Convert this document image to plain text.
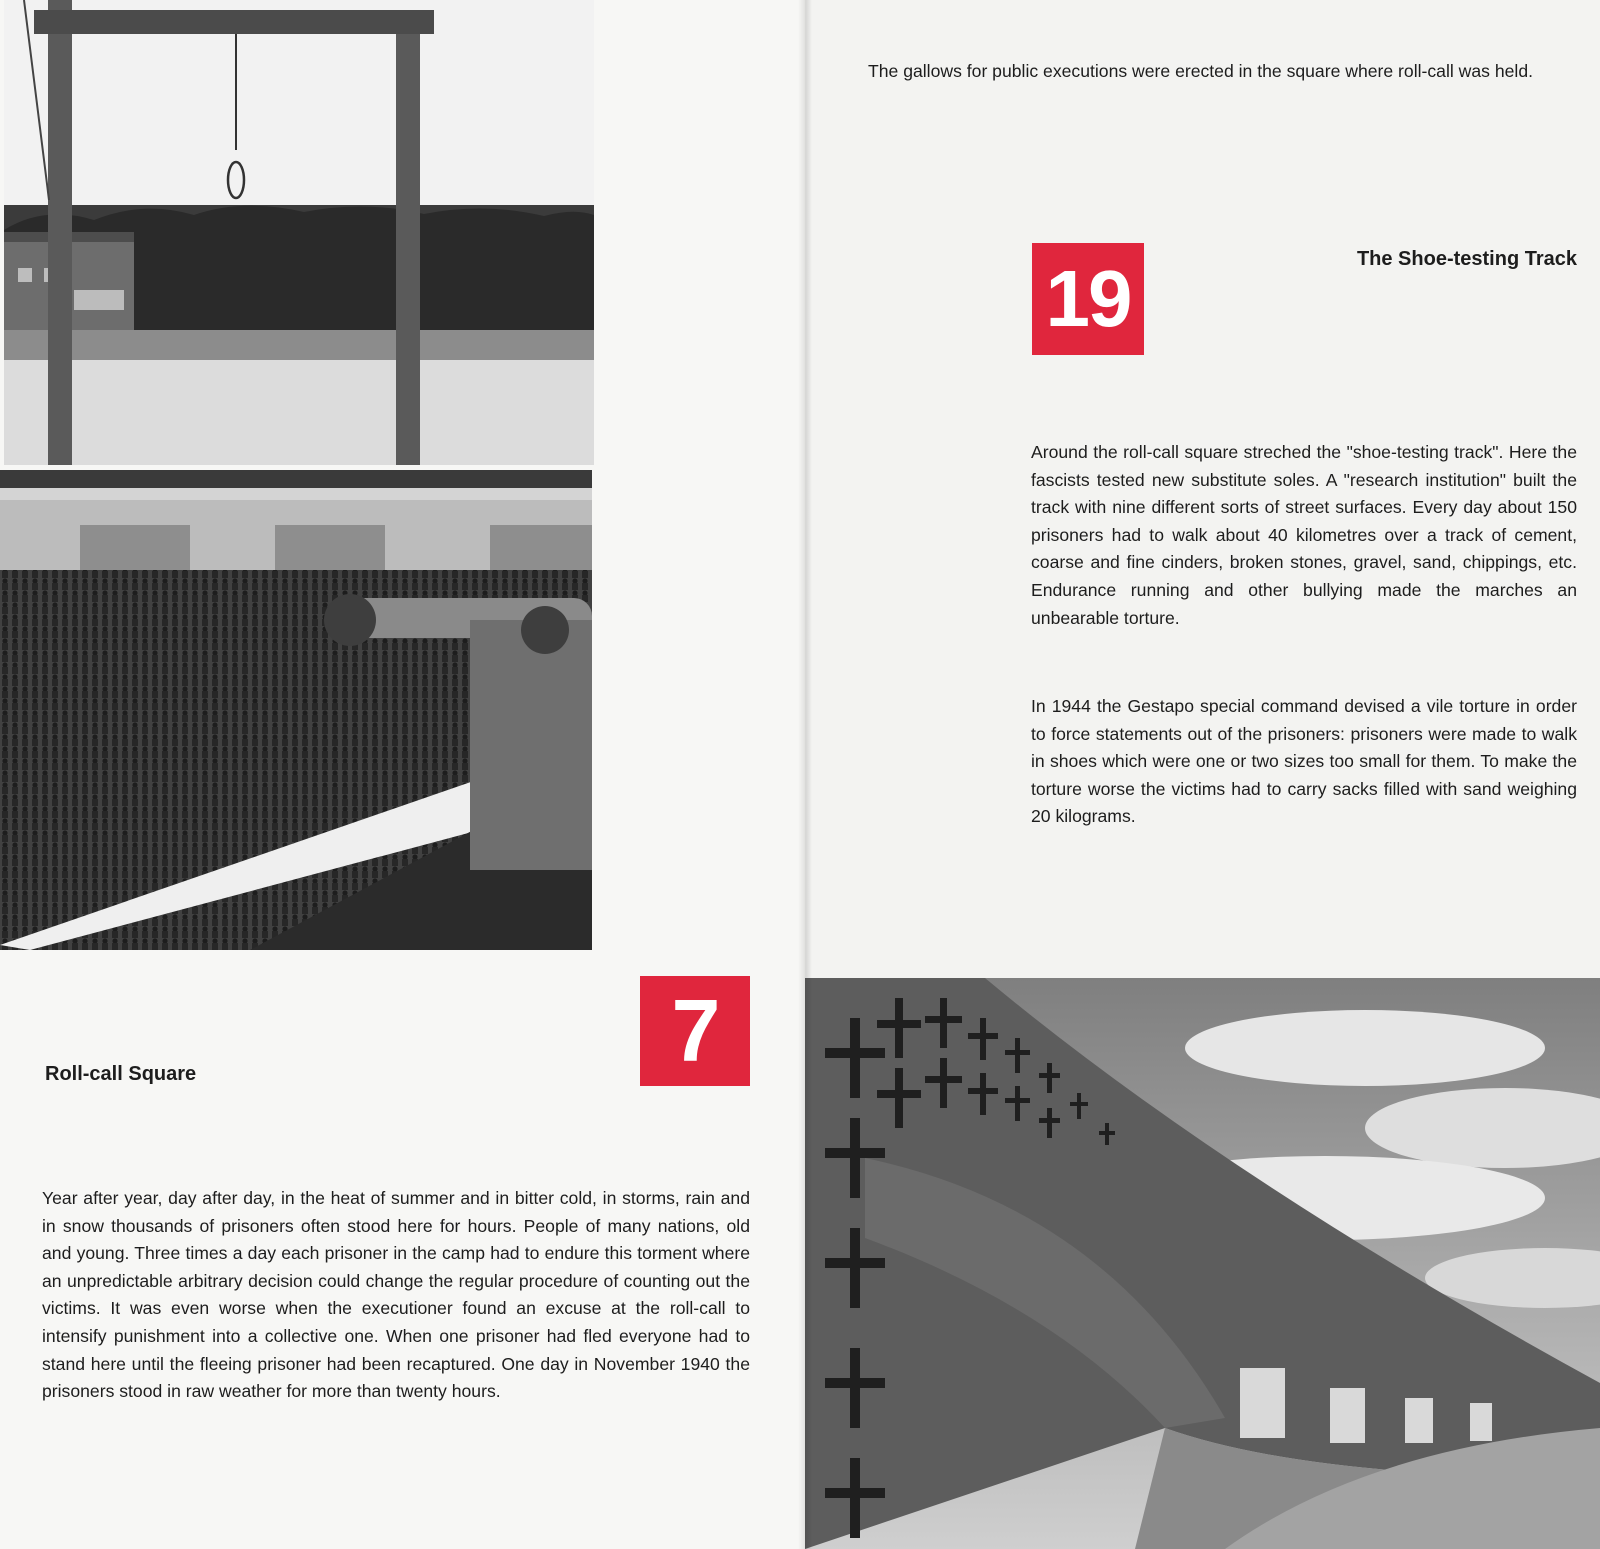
7
Roll-call Square

Year after year, day after day, in the heat of summer and in bitter cold, in storms, rain and in snow thousands of prisoners often stood here for hours. People of many nations, old and young. Three times a day each prisoner in the camp had to endure this torment where an unpredictable arbitrary decision could change the regular procedure of counting out the victims. It was even worse when the executioner found an excuse at the roll-call to intensify punishment into a collective one. When one prisoner had fled everyone had to stand here until the fleeing prisoner had been recaptured. One day in November 1940 the prisoners stood in raw weather for more than twenty hours.

The gallows for public executions were erected in the square where roll-call was held.

19	The Shoe-testing Track

Around the roll-call square streched the "shoe-testing track". Here the fascists tested new substitute soles. A "research institution" built the track with nine different sorts of street surfaces. Every day about 150 prisoners had to walk about 40 kilometres over a track of cement, coarse and fine cinders, broken stones, gravel, sand, chippings, etc. Endurance running and other bullying made the marches an unbearable torture.

In 1944 the Gestapo special command devised a vile torture in order to force statements out of the prisoners: prisoners were made to walk in shoes which were one or two sizes too small for them. To make the torture worse the victims had to carry sacks filled with sand weighing 20 kilograms.
